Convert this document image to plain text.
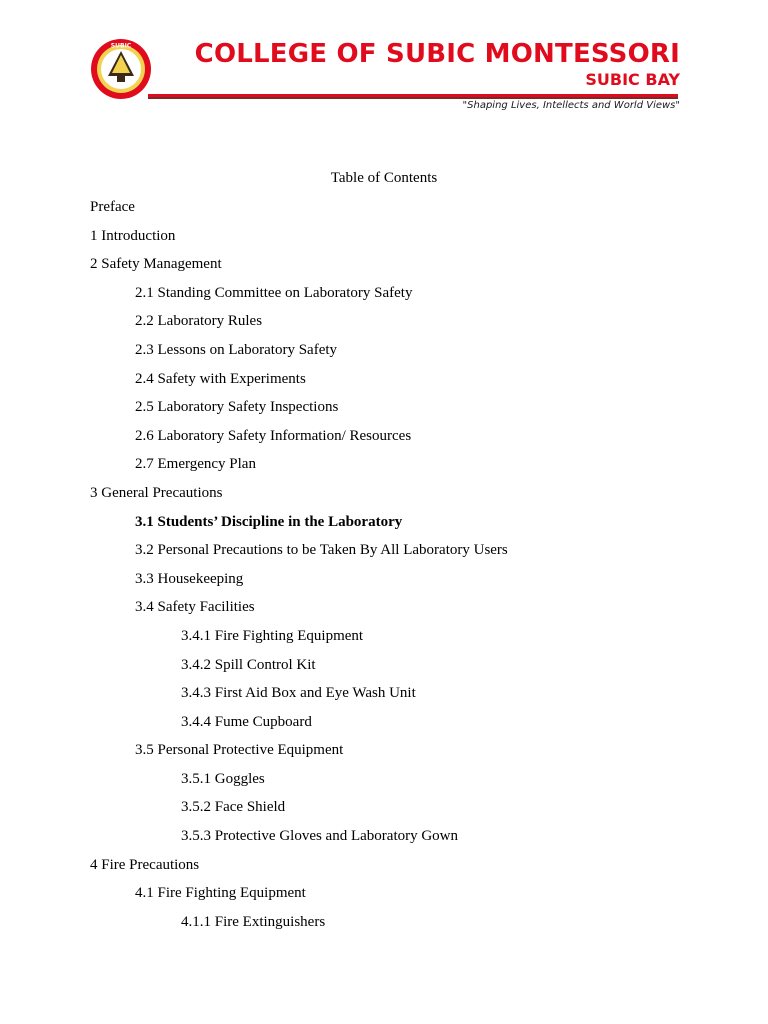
SUBIC	COLLEGE OF SUBIC MONTESSORI
SUBIC BAY
"Shaping Lives, Intellects and World Views"
Table of Contents
Preface
1 Introduction
2 Safety Management
2.1 Standing Committee on Laboratory Safety
2.2 Laboratory Rules
2.3 Lessons on Laboratory Safety
2.4 Safety with Experiments
2.5 Laboratory Safety Inspections
2.6 Laboratory Safety Information/ Resources
2.7 Emergency Plan
3 General Precautions
3.1 Students’ Discipline in the Laboratory
3.2 Personal Precautions to be Taken By All Laboratory Users
3.3 Housekeeping
3.4 Safety Facilities
3.4.1 Fire Fighting Equipment
3.4.2 Spill Control Kit
3.4.3 First Aid Box and Eye Wash Unit
3.4.4 Fume Cupboard
3.5 Personal Protective Equipment
3.5.1 Goggles
3.5.2 Face Shield
3.5.3 Protective Gloves and Laboratory Gown
4 Fire Precautions
4.1 Fire Fighting Equipment
4.1.1 Fire Extinguishers
